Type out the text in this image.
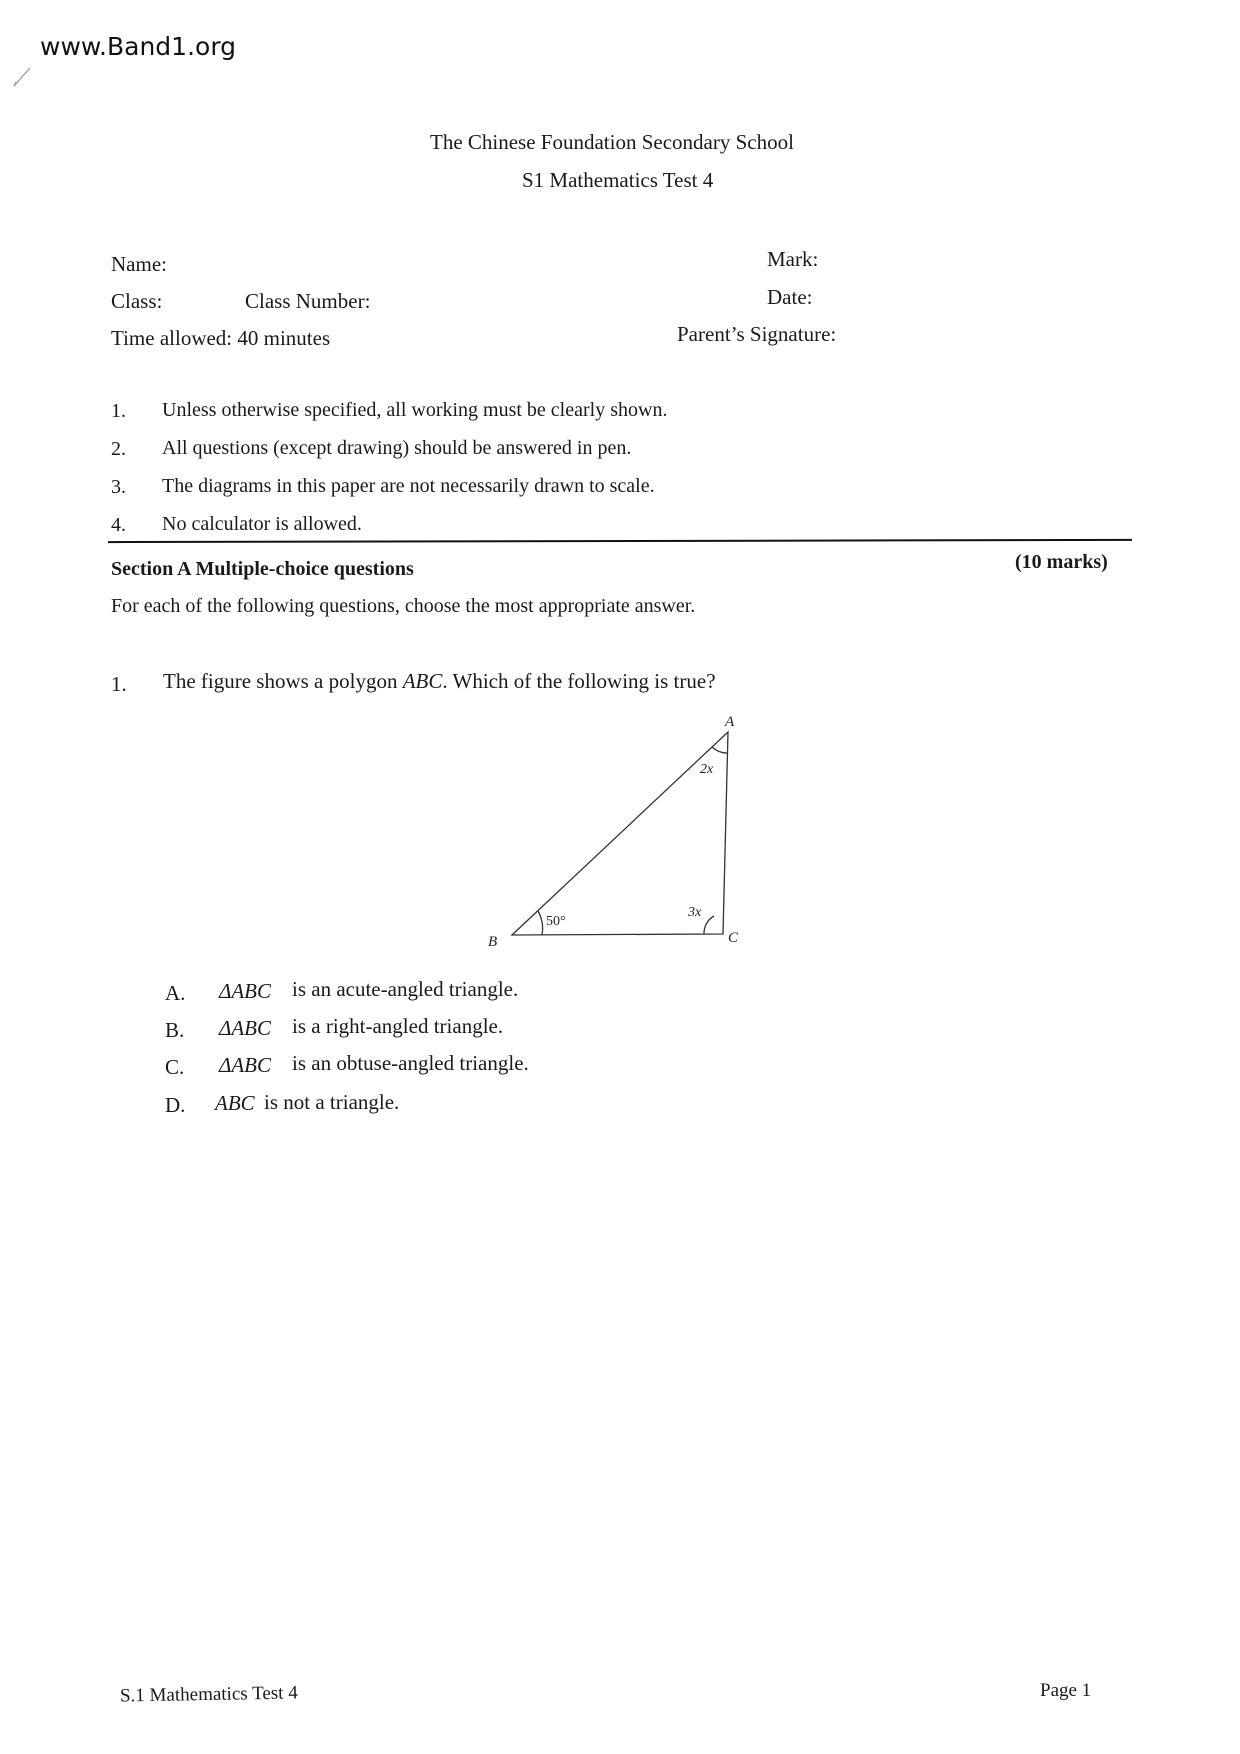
www.Band1.org
The Chinese Foundation Secondary School
S1 Mathematics Test 4
Name:
Class:	Class Number:
Time allowed: 40 minutes
Mark:
Date:
Parent’s Signature:
1. Unless otherwise specified, all working must be clearly shown.
2. All questions (except drawing) should be answered in pen.
3. The diagrams in this paper are not necessarily drawn to scale.
4. No calculator is allowed.
Section A Multiple-choice questions	(10 marks)
For each of the following questions, choose the most appropriate answer.
1. The figure shows a polygon ABC. Which of the following is true?
A
B	C
2x
50°
3x
A. ΔABC is an acute-angled triangle.
B. ΔABC is a right-angled triangle.
C. ΔABC is an obtuse-angled triangle.
D. ABC is not a triangle.
S.1 Mathematics Test 4	Page 1
